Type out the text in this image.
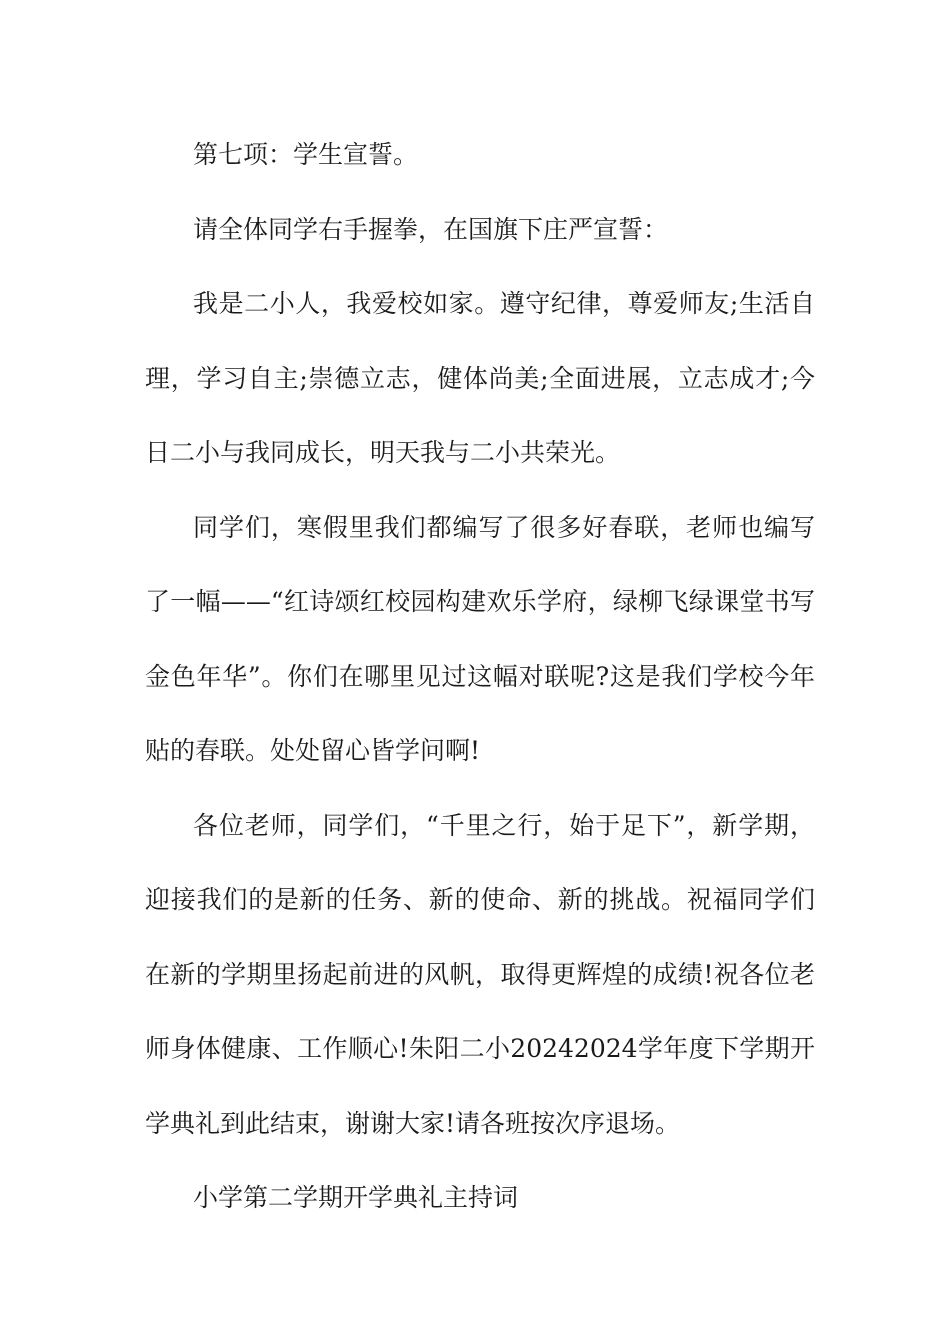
第七项：学生宣誓。

请全体同学右手握拳，在国旗下庄严宣誓：

我是二小人，我爱校如家。遵守纪律，尊爱师友;生活自理，学习自主;崇德立志，健体尚美;全面进展，立志成才;今日二小与我同成长，明天我与二小共荣光。

同学们，寒假里我们都编写了很多好春联，老师也编写了一幅——“红诗颂红校园构建欢乐学府，绿柳飞绿课堂书写金色年华”。你们在哪里见过这幅对联呢?这是我们学校今年贴的春联。处处留心皆学问啊!

各位老师，同学们，“千里之行，始于足下”，新学期，迎接我们的是新的任务、新的使命、新的挑战。祝福同学们在新的学期里扬起前进的风帆，取得更辉煌的成绩!祝各位老师身体健康、工作顺心!朱阳二小20242024学年度下学期开学典礼到此结束，谢谢大家!请各班按次序退场。

小学第二学期开学典礼主持词
